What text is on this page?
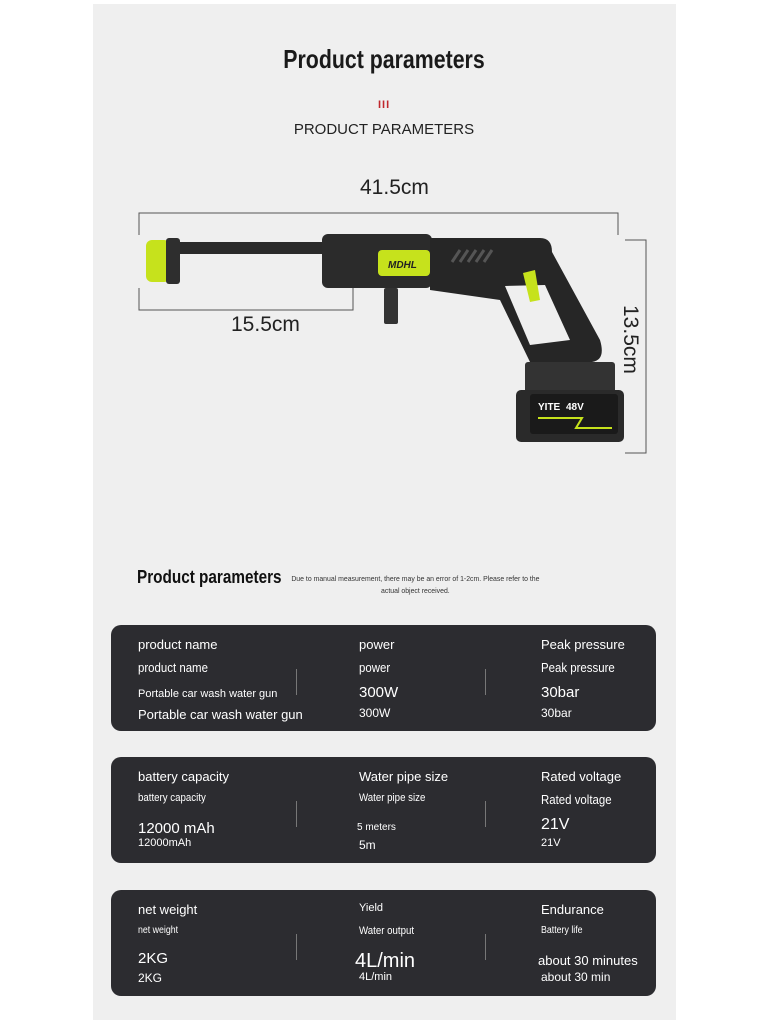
Product parameters
III
PRODUCT PARAMETERS
41.5cm
15.5cm	13.5cm
MDHL
YITE 48V
Product parameters	Due to manual measurement, there may be an error of 1-2cm. Please refer to the actual object received.
product name
product name
Portable car wash water gun
Portable car wash water gun
power
power
300W
300W
Peak pressure
Peak pressure
30bar
30bar
battery capacity
battery capacity
12000 mAh
12000mAh
Water pipe size
Water pipe size
5 meters
5m
Rated voltage
Rated voltage
21V
21V
net weight
net weight
2KG
2KG
Yield
Water output
4L/min
4L/min
Endurance
Battery life
about 30 minutes
about 30 min
